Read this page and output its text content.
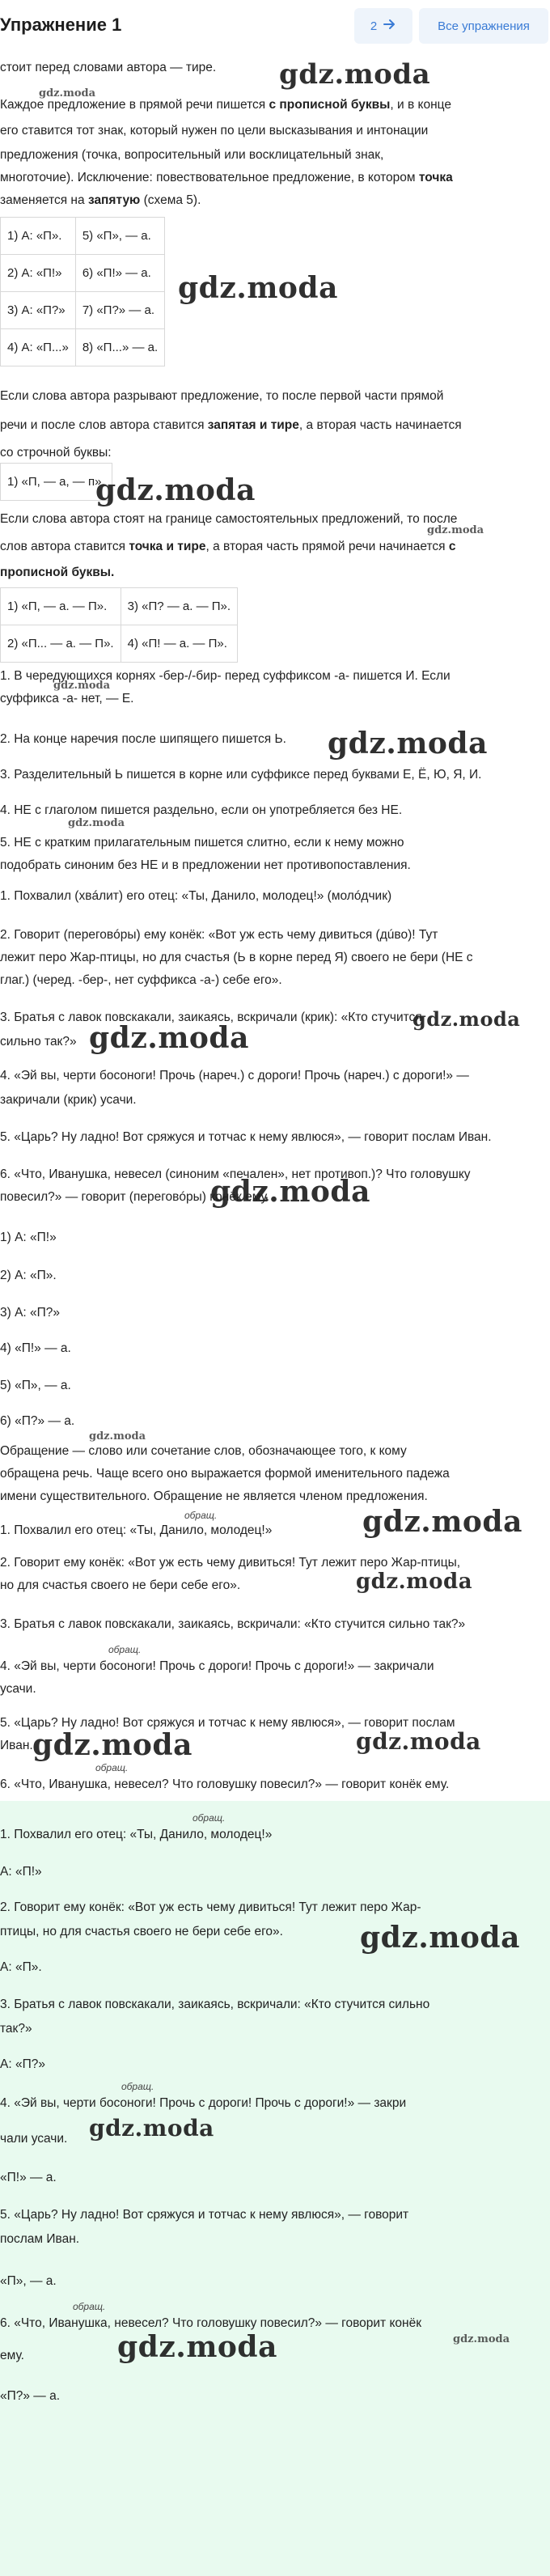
Упражнение 1	2	Все упражнения
стоит перед словами автора — тире. gdz.moda
gdz.moda
Каждое предложение в прямой речи пишется с прописной буквы, и в конце
его ставится тот знак, который нужен по цели высказывания и интонации
предложения (точка, вопросительный или восклицательный знак,
многоточие). Исключение: повествовательное предложение, в котором точка
заменяется на запятую (схема 5).
1) А: «П».	5) «П», — а.
2) А: «П!»	6) «П!» — а.
3) А: «П?»	7) «П?» — а.
4) А: «П...»	8) «П...» — а.
gdz.moda
Если слова автора разрывают предложение, то после первой части прямой
речи и после слов автора ставится запятая и тире, а вторая часть начинается
со строчной буквы:
1) «П, — а, — п».
gdz.moda
Если слова автора стоят на границе самостоятельных предложений, то после
gdz.moda
слов автора ставится точка и тире, а вторая часть прямой речи начинается с
прописной буквы.
1) «П, — а. — П».	3) «П? — а. — П».
2) «П... — а. — П».	4) «П! — а. — П».
1. В чередующихся корнях -бер-/-бир- перед суффиксом -а- пишется И. Если
суффикса -а- нет, — Е.
gdz.moda
2. На конце наречия после шипящего пишется Ь. gdz.moda
3. Разделительный Ь пишется в корне или суффиксе перед буквами Е, Ё, Ю, Я, И.
4. НЕ с глаголом пишется раздельно, если он употребляется без НЕ.
gdz.moda
5. НЕ с кратким прилагательным пишется слитно, если к нему можно
подобрать синоним без НЕ и в предложении нет противопоставления.
1. Похвалил (хвáлит) его отец: «Ты, Данило, молодец!» (молóдчик)
2. Говорит (переговóры) ему конёк: «Вот уж есть чему дивиться (дúво)! Тут
лежит перо Жар-птицы, но для счастья (Ь в корне перед Я) своего не бери (НЕ с
глаг.) (черед. -бер-, нет суффикса -а-) себе его».
3. Братья с лавок повскакали, заикаясь, вскричали (крик): «Кто стучится
сильно так?» gdz.moda
gdz.moda
4. «Эй вы, черти босоноги! Прочь (нареч.) с дороги! Прочь (нареч.) с дороги!» —
закричали (крик) усачи.
5. «Царь? Ну ладно! Вот сряжуся и тотчас к нему явлюся», — говорит послам Иван.
6. «Что, Иванушка, невесел (синоним «печален», нет противоп.)? Что головушку
повесил?» — говорит (переговóры) конёк ему.
gdz.moda
1) А: «П!»
2) А: «П».
3) А: «П?»
4) «П!» — а.
5) «П», — а.
6) «П?» — а.
gdz.moda
Обращение — слово или сочетание слов, обозначающее того, к кому
обращена речь. Чаще всего оно выражается формой именительного падежа
имени существительного. Обращение не является членом предложения.
обращ.
1. Похвалил его отец: «Ты, Данило, молодец!»	gdz.moda
2. Говорит ему конёк: «Вот уж есть чему дивиться! Тут лежит перо Жар-птицы,
но для счастья своего не бери себе его».	gdz.moda
3. Братья с лавок повскакали, заикаясь, вскричали: «Кто стучится сильно так?»
обращ.
4. «Эй вы, черти босоноги! Прочь с дороги! Прочь с дороги!» — закричали
усачи.
5. «Царь? Ну ладно! Вот сряжуся и тотчас к нему явлюся», — говорит послам
Иван. gdz.moda	gdz.moda
обращ.
6. «Что, Иванушка, невесел? Что головушку повесил?» — говорит конёк ему.
обращ.
1. Похвалил его отец: «Ты, Данило, молодец!»
А: «П!»
2. Говорит ему конёк: «Вот уж есть чему дивиться! Тут лежит перо Жар-
птицы, но для счастья своего не бери себе его».	gdz.moda
А: «П».
3. Братья с лавок повскакали, заикаясь, вскричали: «Кто стучится сильно
так?»
А: «П?»
обращ.
4. «Эй вы, черти босоноги! Прочь с дороги! Прочь с дороги!» — закри
gdz.moda
чали усачи.
«П!» — а.
5. «Царь? Ну ладно! Вот сряжуся и тотчас к нему явлюся», — говорит
послам Иван.
«П», — а.
обращ.
6. «Что, Иванушка, невесел? Что головушку повесил?» — говорит конёк
gdz.moda
gdz.moda
ему.
«П?» — а.
